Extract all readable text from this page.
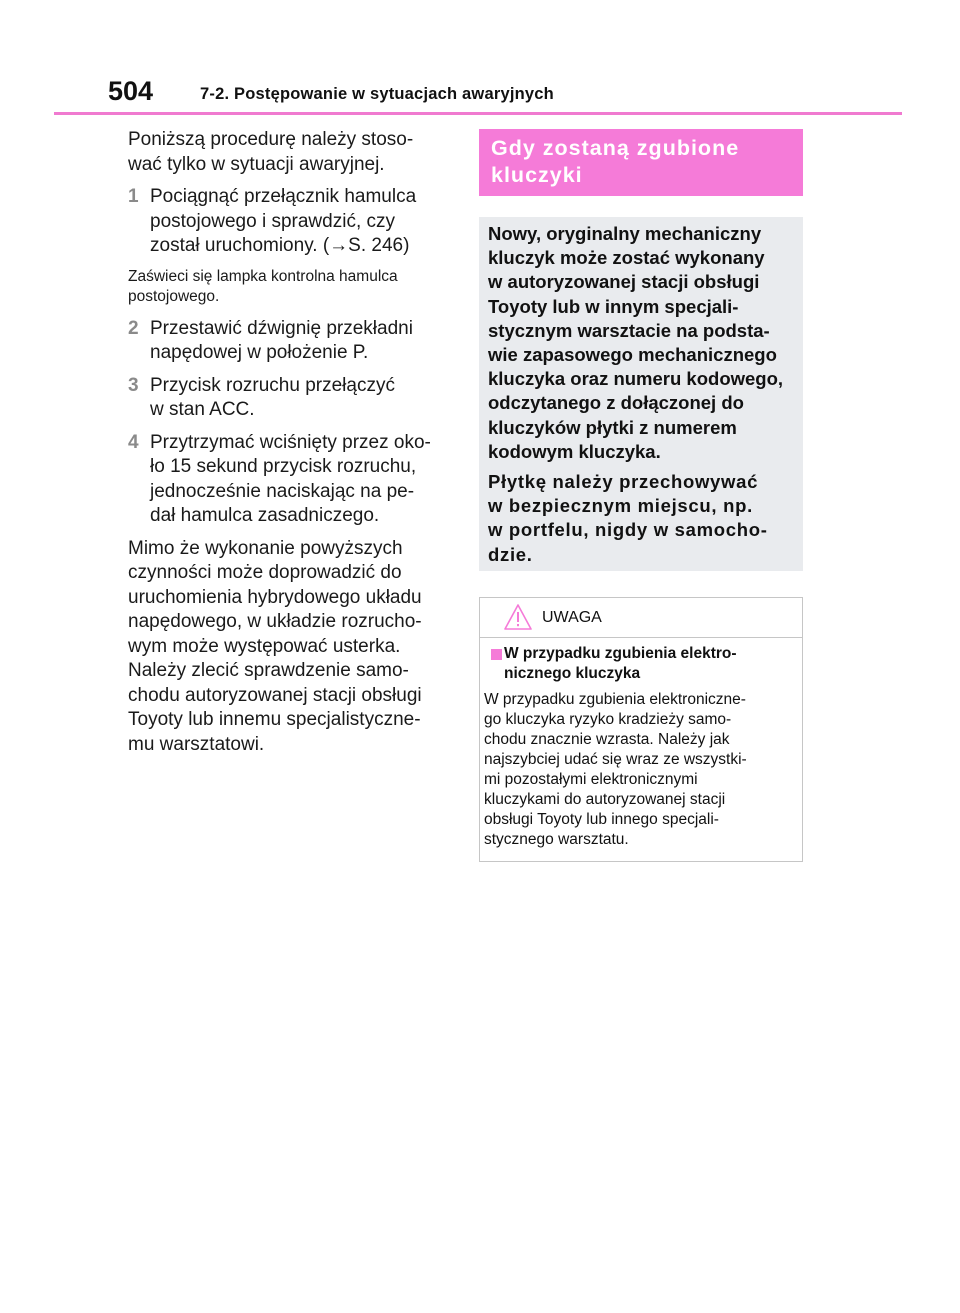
504	7-2. Postępowanie w sytuacjach awaryjnych

Poniższą procedurę należy stoso-
wać tylko w sytuacji awaryjnej.

1 Pociągnąć przełącznik hamulca
postojowego i sprawdzić, czy
został uruchomiony. (→S. 246)

Zaświeci się lampka kontrolna hamulca
postojowego.

2 Przestawić dźwignię przekładni
napędowej w położenie P.
3 Przycisk rozruchu przełączyć
w stan ACC.
4 Przytrzymać wciśnięty przez oko-
ło 15 sekund przycisk rozruchu,
jednocześnie naciskając na pe-
dał hamulca zasadniczego.

Mimo że wykonanie powyższych
czynności może doprowadzić do
uruchomienia hybrydowego układu
napędowego, w układzie rozrucho-
wym może występować usterka.
Należy zlecić sprawdzenie samo-
chodu autoryzowanej stacji obsługi
Toyoty lub innemu specjalistyczne-
mu warsztatowi.

Gdy zostaną zgubione
kluczyki

Nowy, oryginalny mechaniczny
kluczyk może zostać wykonany
w autoryzowanej stacji obsługi
Toyoty lub w innym specjali-
stycznym warsztacie na podsta-
wie zapasowego mechanicznego
kluczyka oraz numeru kodowego,
odczytanego z dołączonej do
kluczyków płytki z numerem
kodowym kluczyka.

Płytkę należy przechowywać
w bezpiecznym miejscu, np.
w portfelu, nigdy w samocho-
dzie.

UWAGA
W przypadku zgubienia elektro-
nicznego kluczyka

W przypadku zgubienia elektroniczne-
go kluczyka ryzyko kradzieży samo-
chodu znacznie wzrasta. Należy jak
najszybciej udać się wraz ze wszystki-
mi pozostałymi elektronicznymi
kluczykami do autoryzowanej stacji
obsługi Toyoty lub innego specjali-
stycznego warsztatu.
